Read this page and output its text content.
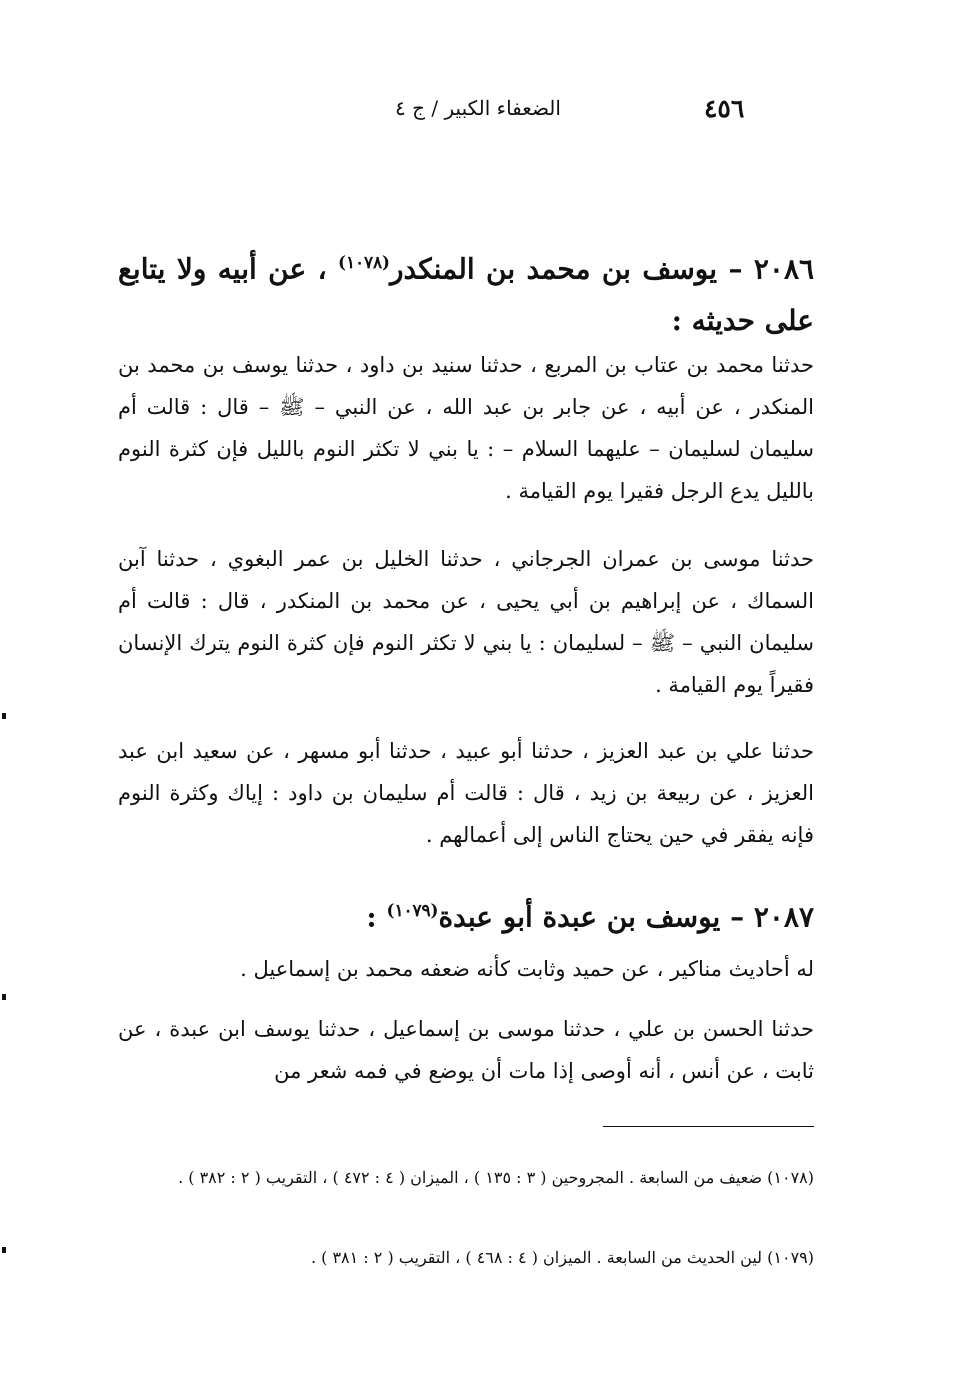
٤٥٦
الضعفاء الكبير / ج ٤
٢٠٨٦ – يوسف بن محمد بن المنكدر$^{(١٠٧٨)}$ ، عن أبيه ولا يتابع على حديثه :
حدثنا محمد بن عتاب بن المربع ، حدثنا سنيد بن داود ، حدثنا يوسف بن محمد بن المنكدر ، عن أبيه ، عن جابر بن عبد الله ، عن النبي – ﷺ – قال : قالت أم سليمان لسليمان – عليهما السلام – : يا بني لا تكثر النوم بالليل فإن كثرة النوم بالليل يدع الرجل فقيرا يوم القيامة .
حدثنا موسى بن عمران الجرجاني ، حدثنا الخليل بن عمر البغوي ، حدثنا آبن السماك ، عن إبراهيم بن أبي يحيى ، عن محمد بن المنكدر ، قال : قالت أم سليمان النبي – ﷺ – لسليمان : يا بني لا تكثر النوم فإن كثرة النوم يترك الإنسان فقيراً يوم القيامة .
حدثنا علي بن عبد العزيز ، حدثنا أبو عبيد ، حدثنا أبو مسهر ، عن سعيد ابن عبد العزيز ، عن ربيعة بن زيد ، قال : قالت أم سليمان بن داود : إياك وكثرة النوم فإنه يفقر في حين يحتاج الناس إلى أعمالهم .
٢٠٨٧ – يوسف بن عبدة أبو عبدة$^{(١٠٧٩)}$ :
له أحاديث مناكير ، عن حميد وثابت كأنه ضعفه محمد بن إسماعيل .
حدثنا الحسن بن علي ، حدثنا موسى بن إسماعيل ، حدثنا يوسف ابن عبدة ، عن ثابت ، عن أنس ، أنه أوصى إذا مات أن يوضع في فمه شعر من
(١٠٧٨) ضعيف من السابعة . المجروحين ( ٣ : ١٣٥ ) ، الميزان ( ٤ : ٤٧٢ ) ، التقريب ( ٢ : ٣٨٢ ) .
(١٠٧٩) لين الحديث من السابعة . الميزان ( ٤ : ٤٦٨ ) ، التقريب ( ٢ : ٣٨١ ) .
